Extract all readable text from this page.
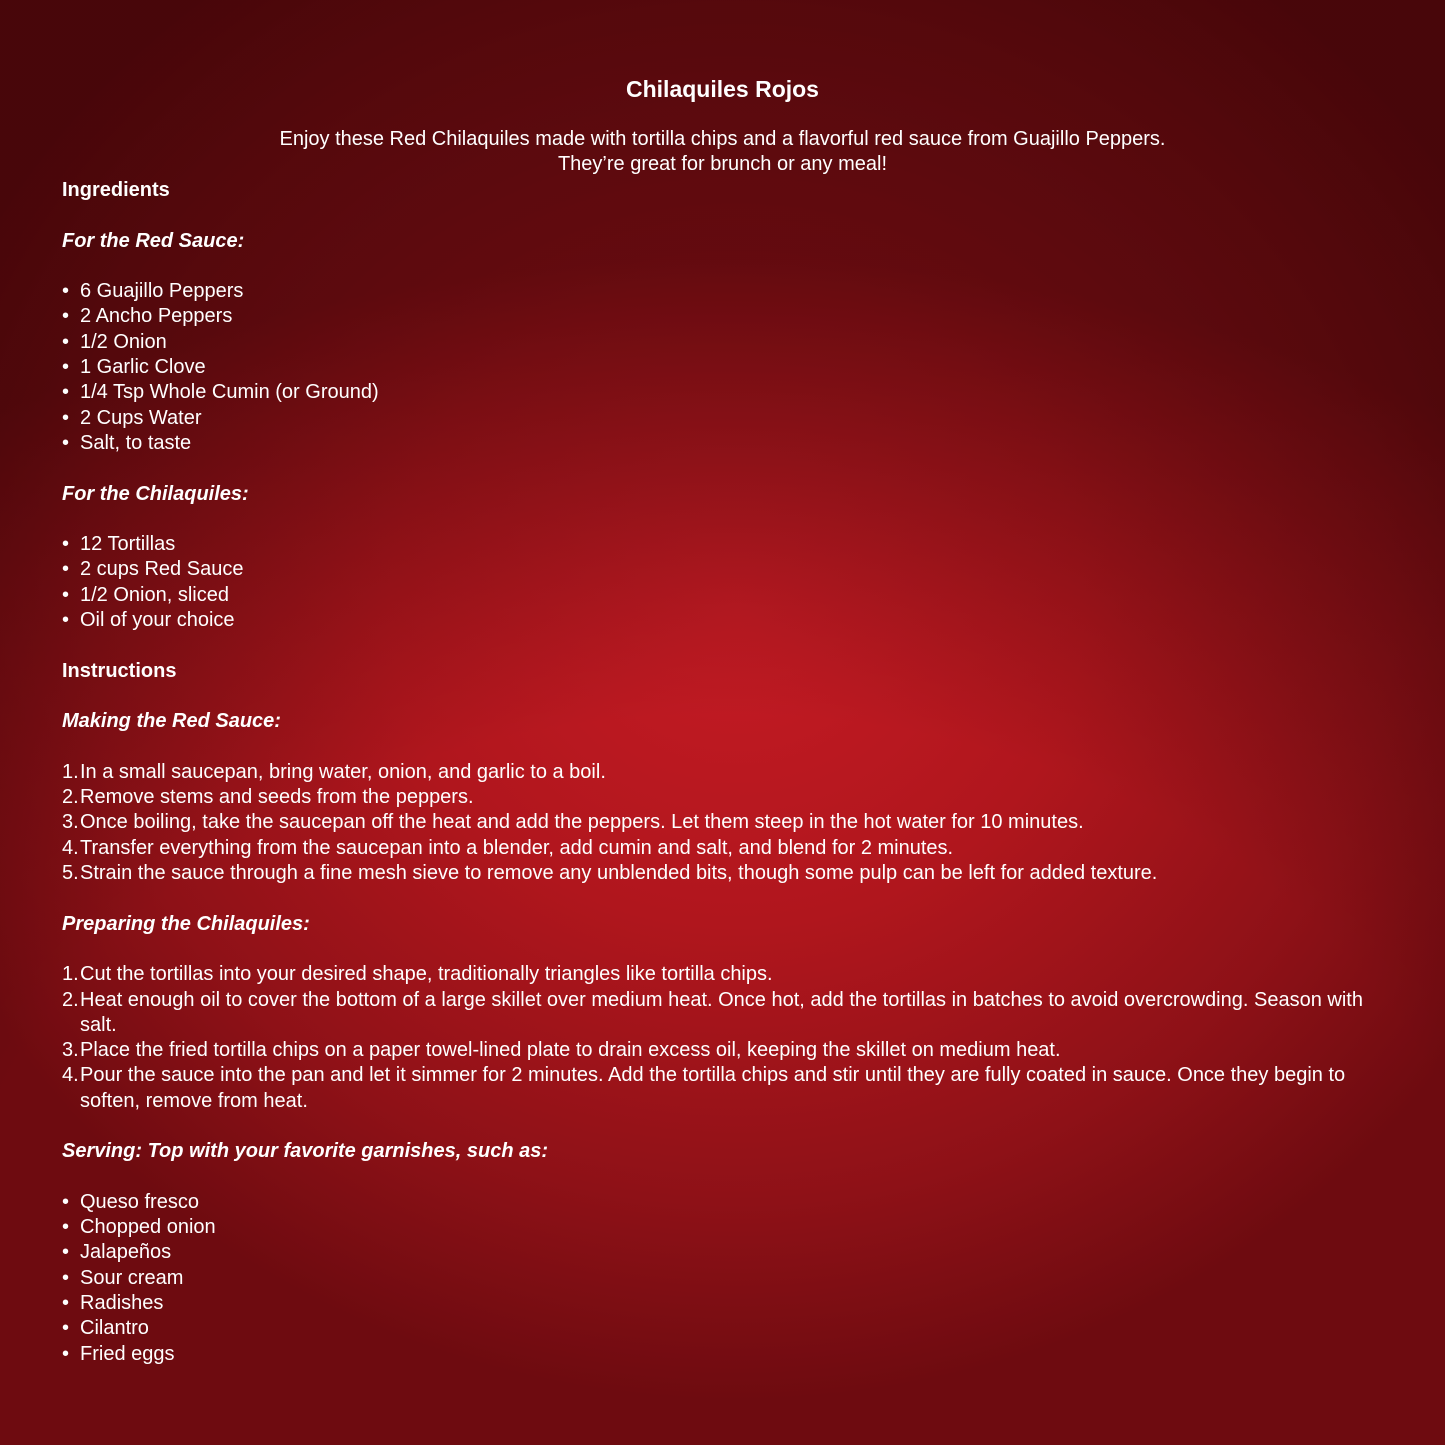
Chilaquiles Rojos
Enjoy these Red Chilaquiles made with tortilla chips and a flavorful red sauce from Guajillo Peppers.
They’re great for brunch or any meal!
Ingredients
For the Red Sauce:
• 6 Guajillo Peppers
• 2 Ancho Peppers
• 1/2 Onion
• 1 Garlic Clove
• 1/4 Tsp Whole Cumin (or Ground)
• 2 Cups Water
• Salt, to taste
For the Chilaquiles:
• 12 Tortillas
• 2 cups Red Sauce
• 1/2 Onion, sliced
• Oil of your choice
Instructions
Making the Red Sauce:
1. In a small saucepan, bring water, onion, and garlic to a boil.
2. Remove stems and seeds from the peppers.
3. Once boiling, take the saucepan off the heat and add the peppers. Let them steep in the hot water for 10 minutes.
4. Transfer everything from the saucepan into a blender, add cumin and salt, and blend for 2 minutes.
5. Strain the sauce through a fine mesh sieve to remove any unblended bits, though some pulp can be left for added texture.
Preparing the Chilaquiles:
1. Cut the tortillas into your desired shape, traditionally triangles like tortilla chips.
2. Heat enough oil to cover the bottom of a large skillet over medium heat. Once hot, add the tortillas in batches to avoid overcrowding. Season with salt.
3. Place the fried tortilla chips on a paper towel-lined plate to drain excess oil, keeping the skillet on medium heat.
4. Pour the sauce into the pan and let it simmer for 2 minutes. Add the tortilla chips and stir until they are fully coated in sauce. Once they begin to soften, remove from heat.
Serving: Top with your favorite garnishes, such as:
• Queso fresco
• Chopped onion
• Jalapeños
• Sour cream
• Radishes
• Cilantro
• Fried eggs
